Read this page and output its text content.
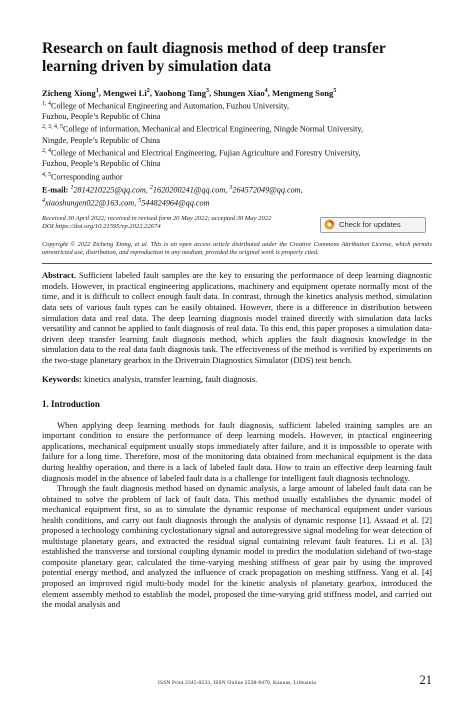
Research on fault diagnosis method of deep transfer learning driven by simulation data

Zicheng Xiong$^1$, Mengwei Li$^2$, Yaohong Tang$^3$, Shungen Xiao$^4$, Mengmeng Song$^5$

$^{1, 4}$College of Mechanical Engineering and Automation, Fuzhou University,

Fuzhou, People’s Republic of China

$^{2, 3, 4, 5}$College of information, Mechanical and Electrical Engineering, Ningde Normal University,

Ningde, People’s Republic of China

$^{2, 4}$College of Mechanical and Electrical Engineering, Fujian Agriculture and Forestry University,

Fuzhou, People’s Republic of China

$^{4, 5}$Corresponding author

E-mail: $^1$2814210225@qq.com, $^2$1620200241@qq.com, $^3$264572049@qq.com,

$^4$xiaoshungen022@163.com, $^5$544824964@qq.com

Received 30 April 2022; received in revised form 20 May 2022; accepted 30 May 2022
DOI https://doi.org/10.21595/vp.2022.22674	Check for updates
Copyright © 2022 Zicheng Xiong, et al. This is an open access article distributed under the Creative Commons Attribution License, which permits unrestricted use, distribution, and reproduction in any medium, provided the original work is properly cited.

Abstract. Sufficient labeled fault samples are the key to ensuring the performance of deep learning diagnostic models. However, in practical engineering applications, machinery and equipment operate normally most of the time, and it is difficult to collect enough fault data. In contrast, through the kinetics analysis method, simulation data sets of various fault types can be easily obtained. However, there is a difference in distribution between simulation data and real data. The deep learning diagnosis model trained directly with simulation data lacks versatility and cannot be applied to fault diagnosis of real data. To this end, this paper proposes a simulation data-driven deep transfer learning fault diagnosis method, which applies the fault diagnosis knowledge in the simulation data to the real data fault diagnosis task. The effectiveness of the method is verified by experiments on the two-stage planetary gearbox in the Drivetrain Diagnostics Simulator (DDS) test bench.

Keywords: kinetics analysis, transfer learning, fault diagnosis.

1. Introduction

When applying deep learning methods for fault diagnosis, sufficient labeled training samples are an important condition to ensure the performance of deep learning models. However, in practical engineering applications, mechanical equipment usually stops immediately after failure, and it is impossible to operate with failure for a long time. Therefore, most of the monitoring data obtained from mechanical equipment is the data during healthy operation, and there is a lack of labeled fault data. How to train an effective deep learning fault diagnosis model in the absence of labeled fault data is a challenge for intelligent fault diagnosis technology.

Through the fault diagnosis method based on dynamic analysis, a large amount of labeled fault data can be obtained to solve the problem of lack of fault data. This method usually establishes the dynamic model of mechanical equipment first, so as to simulate the dynamic response of mechanical equipment under various health conditions, and carry out fault diagnosis through the analysis of dynamic response [1]. Assaad et al. [2] proposed a technology combining cyclostationary signal and autoregressive signal modeling for wear detection of multistage planetary gears, and extracted the residual signal containing relevant fault features. Li et al. [3] established the transverse and torsional coupling dynamic model to predict the modulation sideband of two-stage composite planetary gear, calculated the time-varying meshing stiffness of gear pair by using the improved potential energy method, and analyzed the influence of crack propagation on meshing stiffness. Yang et al. [4] proposed an improved rigid multi-body model for the kinetic analysis of planetary gearbox, introduced the element assembly method to establish the model, proposed the time-varying grid stiffness model, and carried out the modal analysis and

ISSN Print 2345-0533, ISSN Online 2538-8479, Kaunas, Lithuania	21
